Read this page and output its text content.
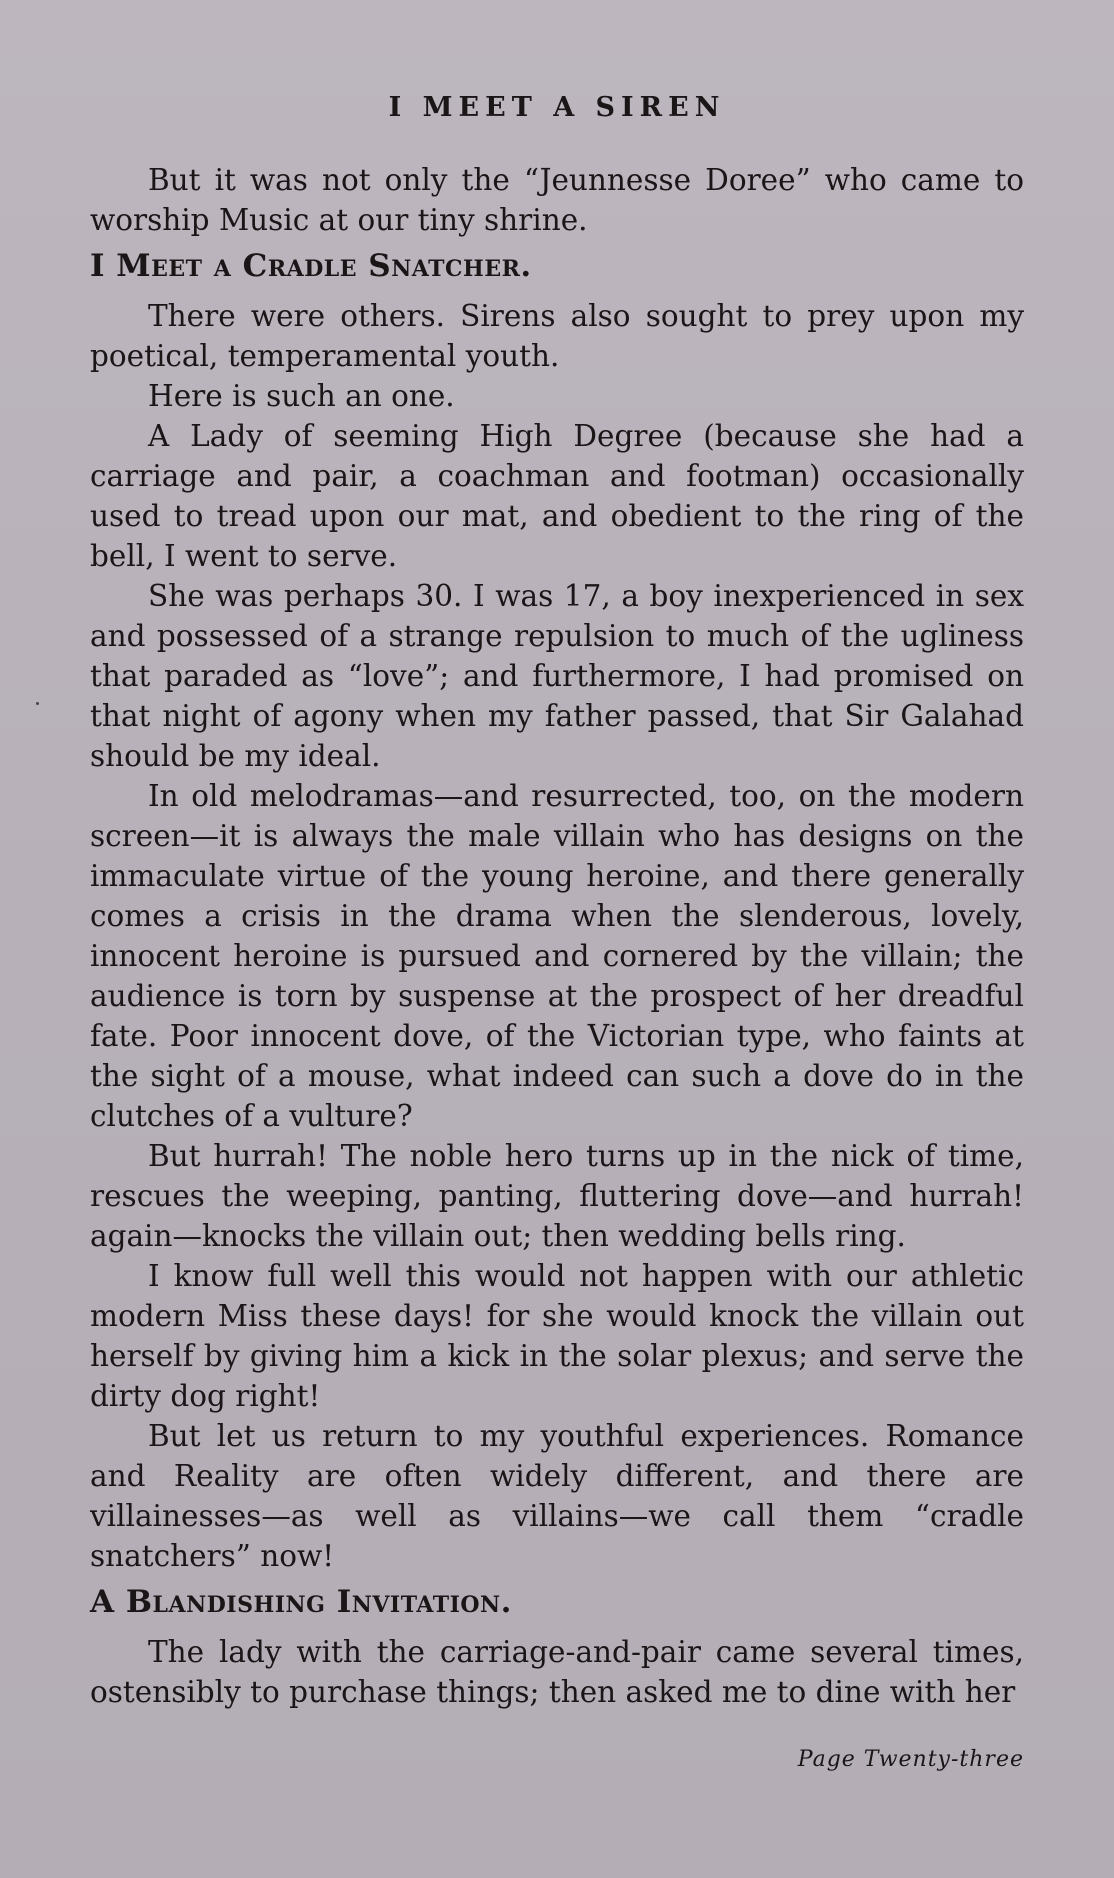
I MEET A SIREN

But it was not only the “Jeunnesse Doree” who came to worship Music at our tiny shrine.

I Meet a Cradle Snatcher.

There were others. Sirens also sought to prey upon my poetical, temperamental youth.

Here is such an one.

A Lady of seeming High Degree (because she had a carriage and pair, a coachman and footman) occasionally used to tread upon our mat, and obedient to the ring of the bell, I went to serve.

She was perhaps 30. I was 17, a boy inexperienced in sex and possessed of a strange repulsion to much of the ugliness that paraded as “love”; and furthermore, I had promised on that night of agony when my father passed, that Sir Galahad should be my ideal.

In old melodramas—and resurrected, too, on the modern screen—it is always the male villain who has designs on the immaculate virtue of the young heroine, and there generally comes a crisis in the drama when the slenderous, lovely, innocent heroine is pursued and cornered by the villain; the audience is torn by suspense at the prospect of her dreadful fate. Poor innocent dove, of the Victorian type, who faints at the sight of a mouse, what indeed can such a dove do in the clutches of a vulture?

But hurrah! The noble hero turns up in the nick of time, rescues the weeping, panting, fluttering dove—and hurrah! again—knocks the villain out; then wedding bells ring.

I know full well this would not happen with our athletic modern Miss these days! for she would knock the villain out herself by giving him a kick in the solar plexus; and serve the dirty dog right!

But let us return to my youthful experiences. Romance and Reality are often widely different, and there are villainesses—as well as villains—we call them “cradle snatchers” now!

A Blandishing Invitation.

The lady with the carriage-and-pair came several times, ostensibly to purchase things; then asked me to dine with her

Page Twenty-three
